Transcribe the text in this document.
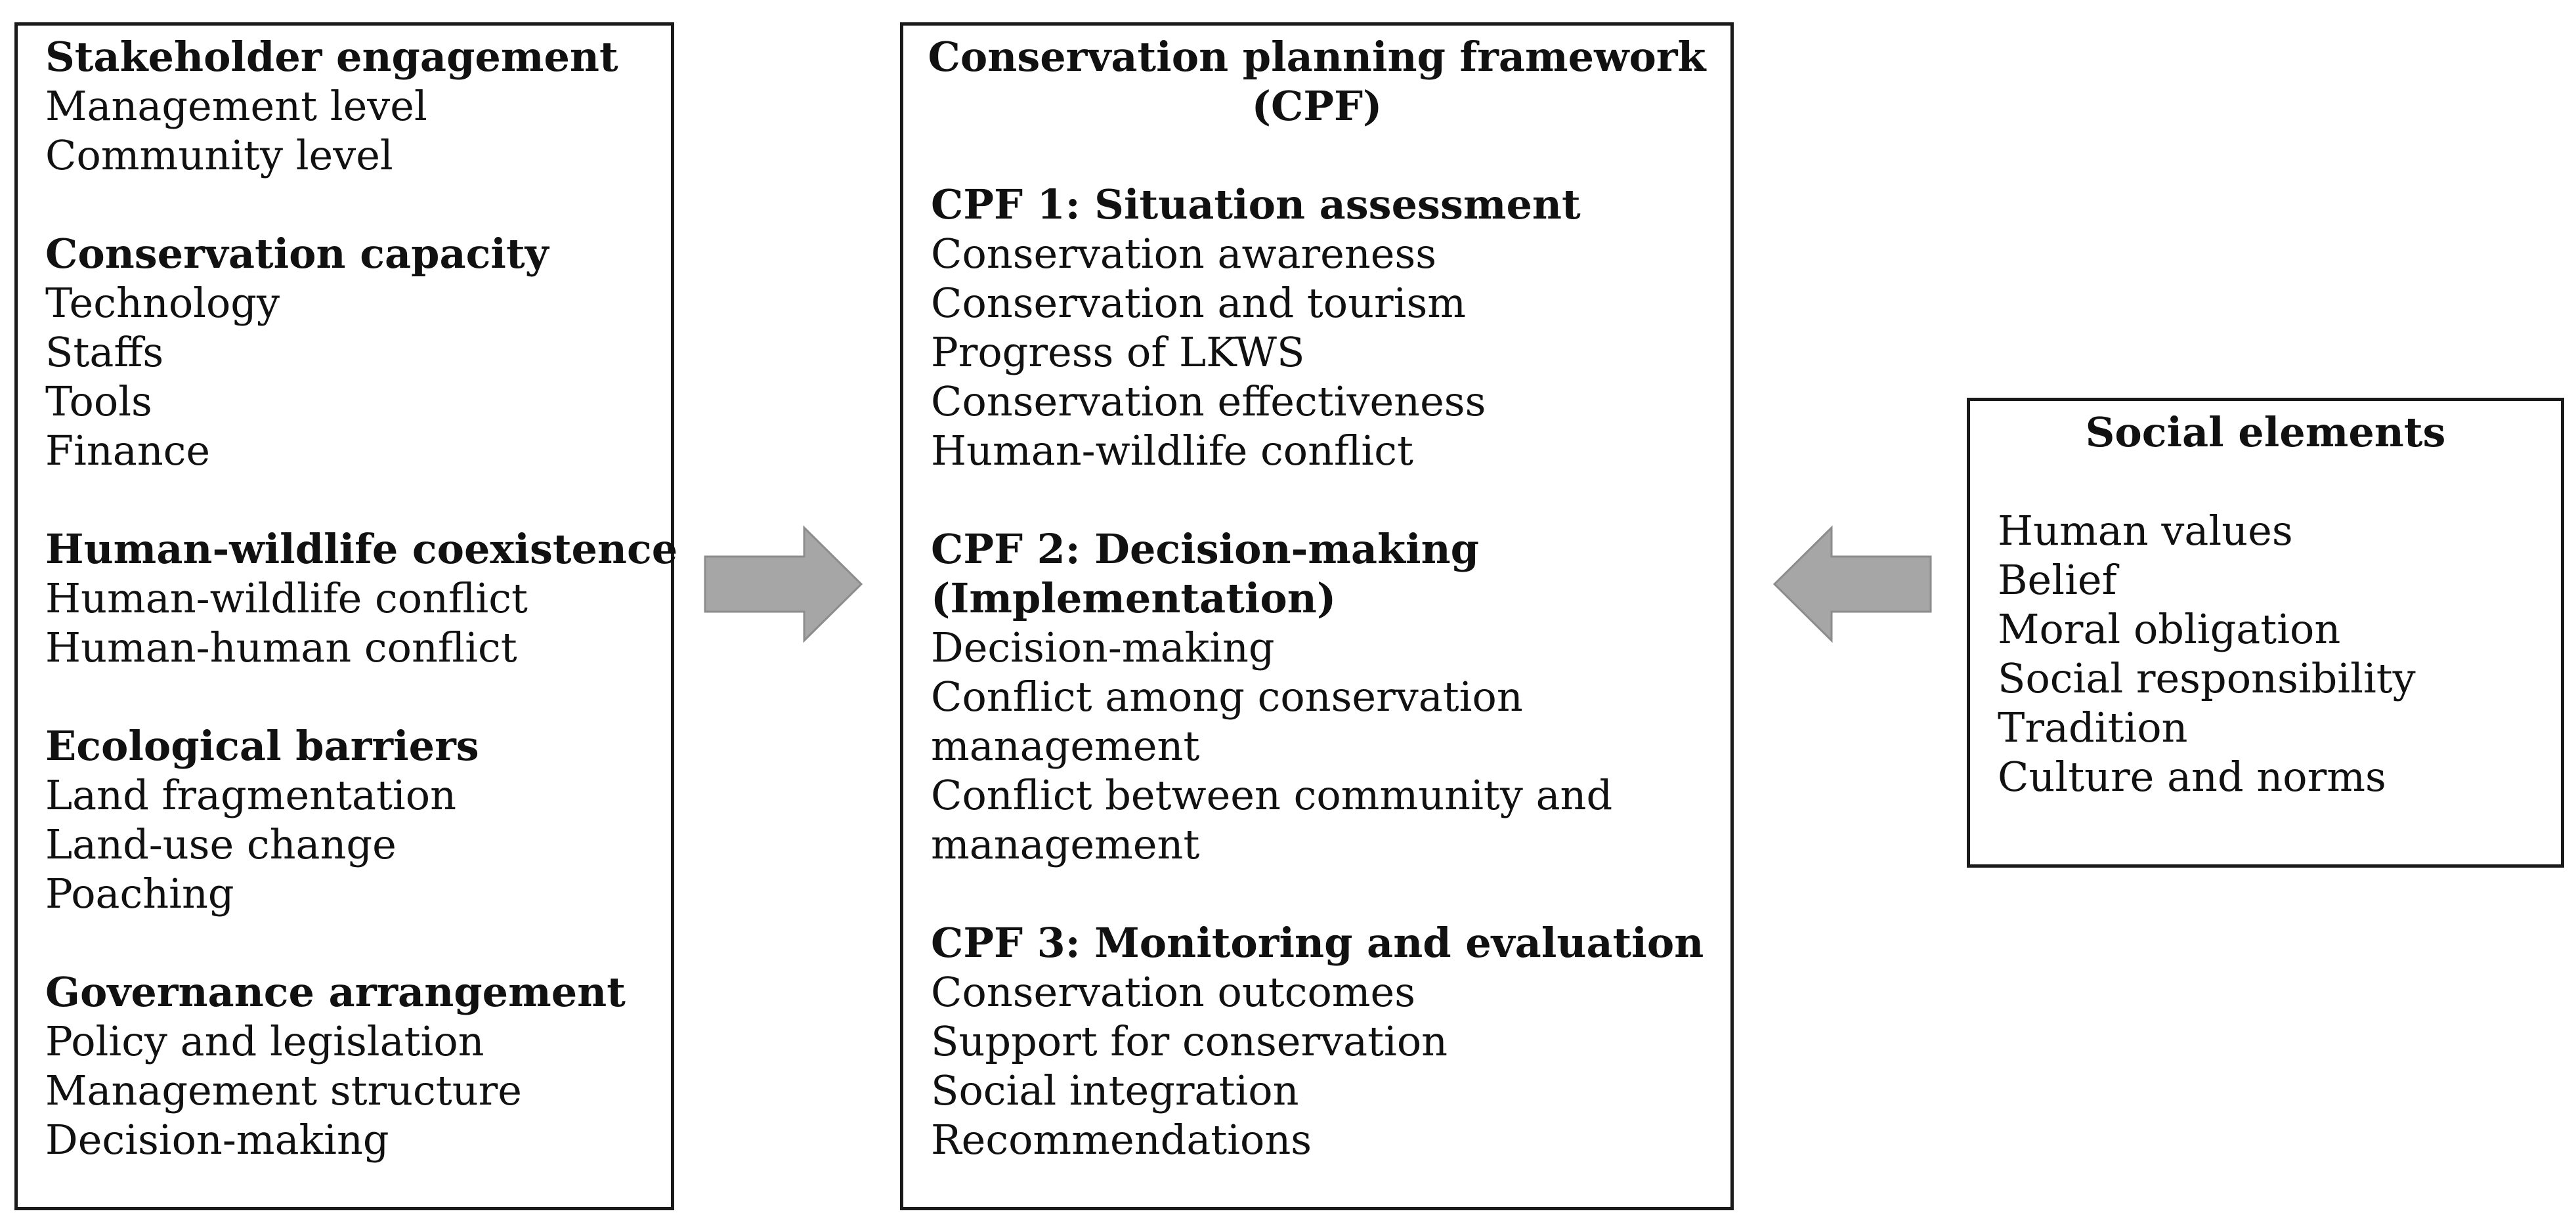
Stakeholder engagement
Management level
Community level
Conservation capacity
Technology
Staffs
Tools
Finance
Human-wildlife coexistence
Human-wildlife conflict
Human-human conflict
Ecological barriers
Land fragmentation
Land-use change
Poaching
Governance arrangement
Policy and legislation
Management structure
Decision-making
Conservation planning framework (CPF)
CPF 1: Situation assessment
Conservation awareness
Conservation and tourism
Progress of LKWS
Conservation effectiveness
Human-wildlife conflict
CPF 2: Decision-making (Implementation)
Decision-making
Conflict among conservation management
Conflict between community and management
CPF 3: Monitoring and evaluation
Conservation outcomes
Support for conservation
Social integration
Recommendations
Social elements
Human values
Belief
Moral obligation
Social responsibility
Tradition
Culture and norms
